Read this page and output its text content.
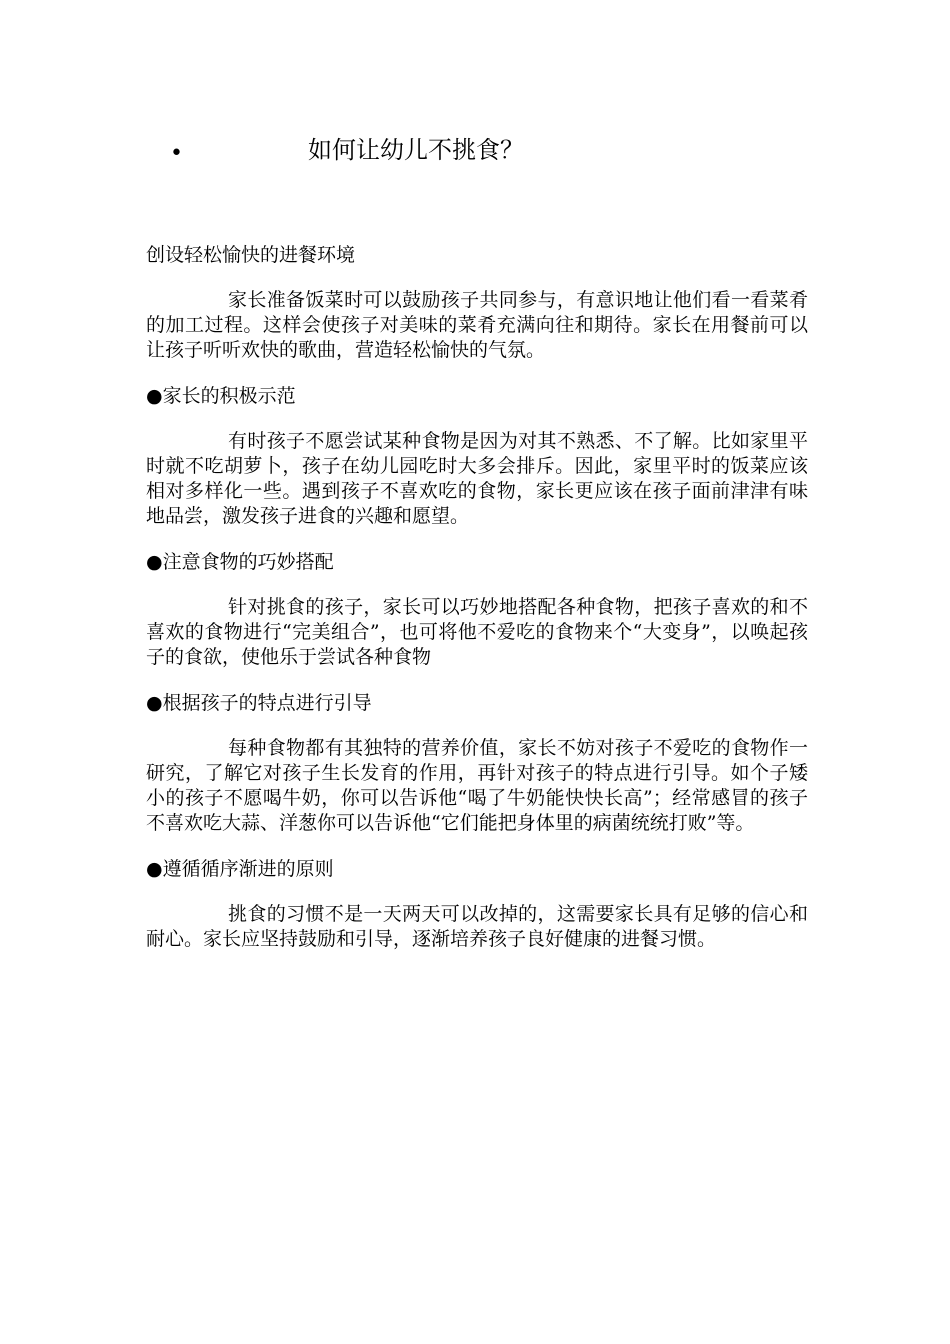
•	如何让幼儿不挑食？
创设轻松愉快的进餐环境
家长准备饭菜时可以鼓励孩子共同参与，有意识地让他们看一看菜肴的加工过程。这样会使孩子对美味的菜肴充满向往和期待。家长在用餐前可以让孩子听听欢快的歌曲，营造轻松愉快的气氛。
●家长的积极示范
有时孩子不愿尝试某种食物是因为对其不熟悉、不了解。比如家里平时就不吃胡萝卜，孩子在幼儿园吃时大多会排斥。因此，家里平时的饭菜应该相对多样化一些。遇到孩子不喜欢吃的食物，家长更应该在孩子面前津津有味地品尝，激发孩子进食的兴趣和愿望。
●注意食物的巧妙搭配
针对挑食的孩子，家长可以巧妙地搭配各种食物，把孩子喜欢的和不喜欢的食物进行“完美组合”，也可将他不爱吃的食物来个“大变身”，以唤起孩子的食欲，使他乐于尝试各种食物
●根据孩子的特点进行引导
每种食物都有其独特的营养价值，家长不妨对孩子不爱吃的食物作一研究，了解它对孩子生长发育的作用，再针对孩子的特点进行引导。如个子矮小的孩子不愿喝牛奶，你可以告诉他“喝了牛奶能快快长高”；经常感冒的孩子不喜欢吃大蒜、洋葱你可以告诉他“它们能把身体里的病菌统统打败”等。
●遵循循序渐进的原则
挑食的习惯不是一天两天可以改掉的，这需要家长具有足够的信心和耐心。家长应坚持鼓励和引导，逐渐培养孩子良好健康的进餐习惯。
